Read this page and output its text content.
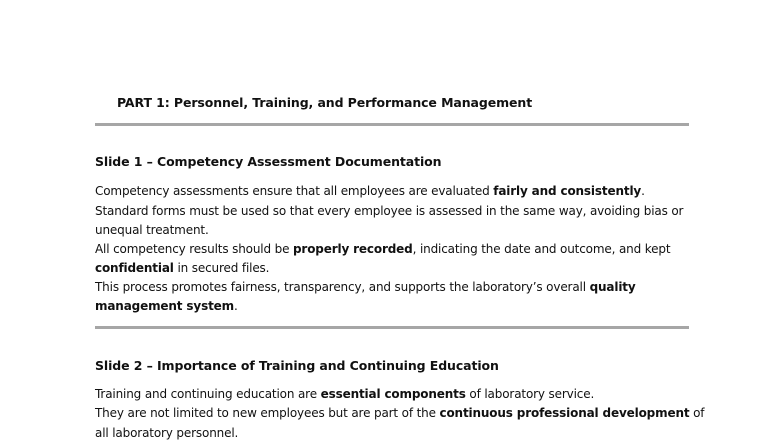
PART 1: Personnel, Training, and Performance Management
Slide 1 – Competency Assessment Documentation
Competency assessments ensure that all employees are evaluated fairly and consistently.
Standard forms must be used so that every employee is assessed in the same way, avoiding bias or
unequal treatment.
All competency results should be properly recorded, indicating the date and outcome, and kept
confidential in secured files.
This process promotes fairness, transparency, and supports the laboratory’s overall quality
management system.
Slide 2 – Importance of Training and Continuing Education
Training and continuing education are essential components of laboratory service.
They are not limited to new employees but are part of the continuous professional development of
all laboratory personnel.
